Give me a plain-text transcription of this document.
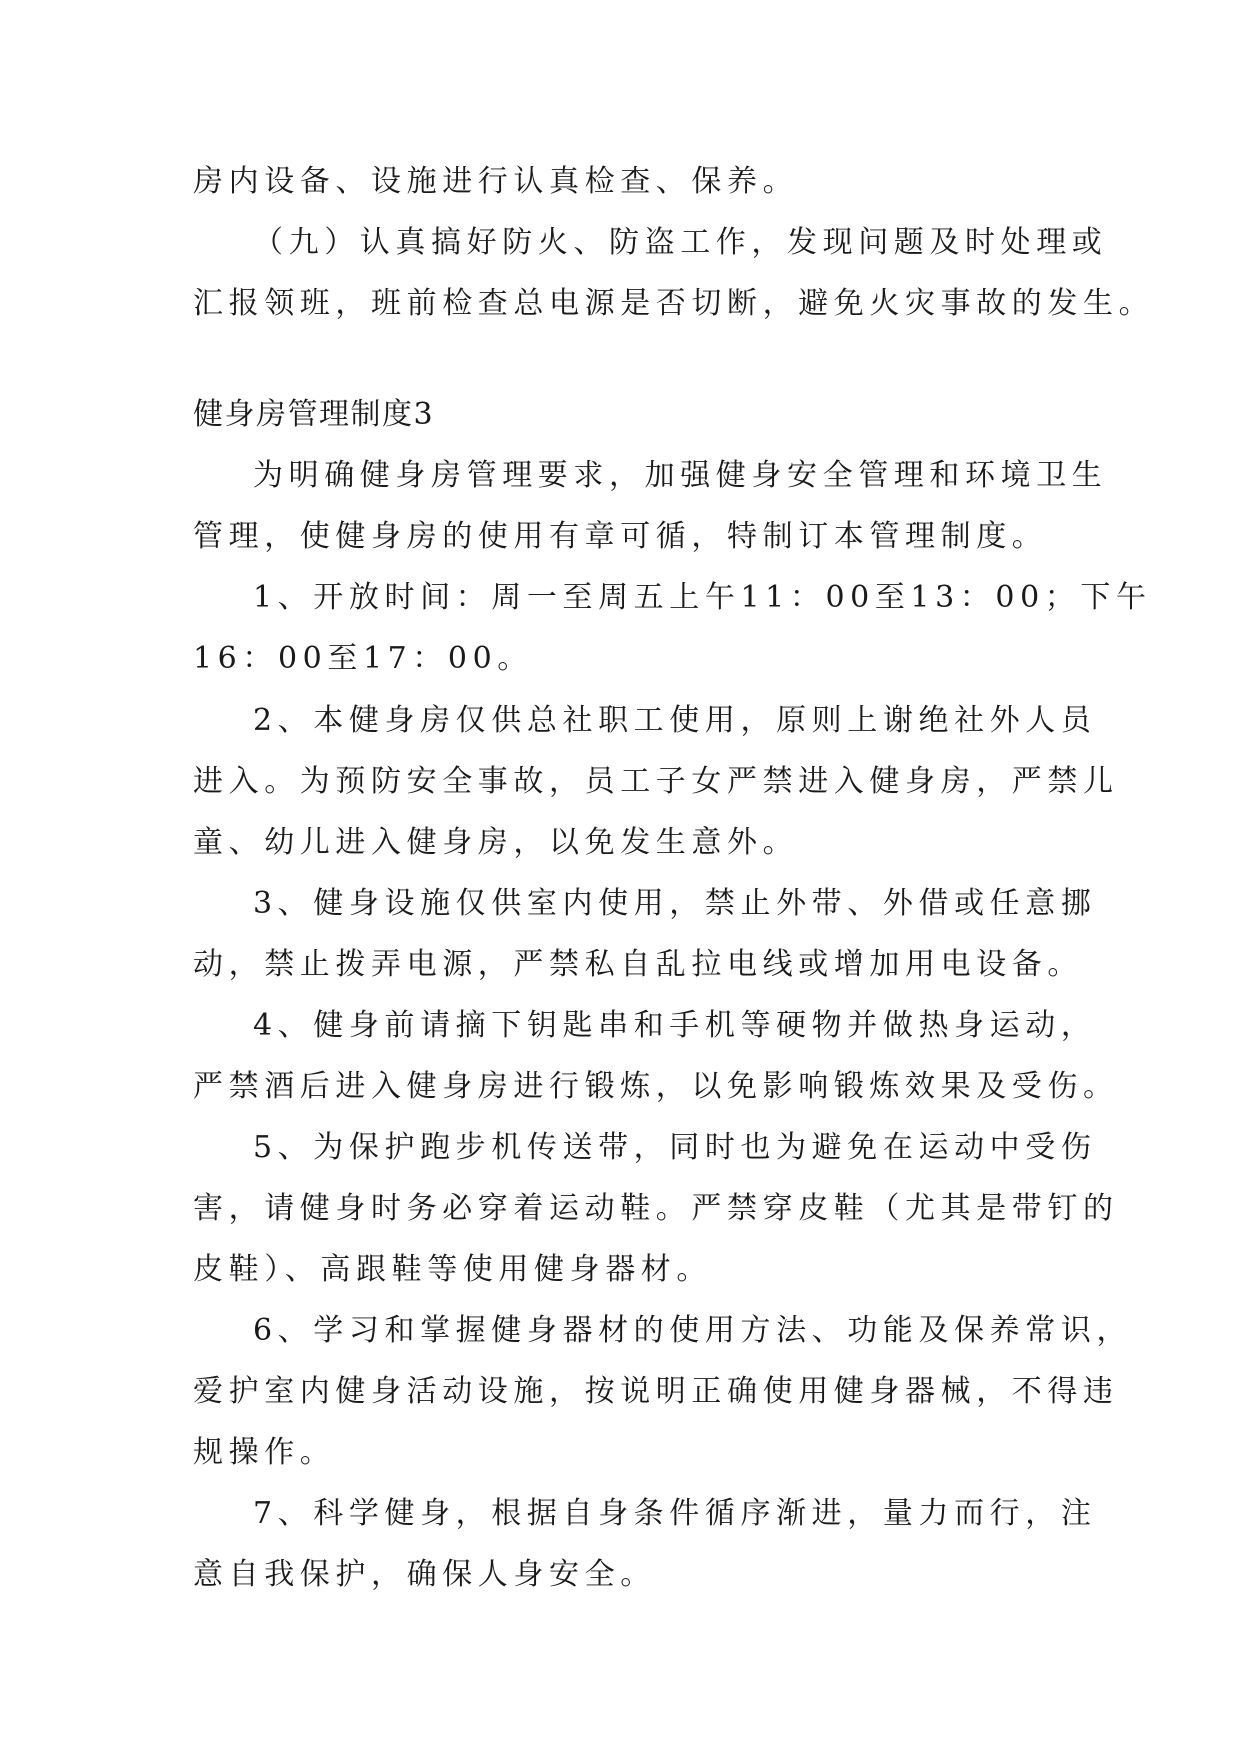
房内设备、设施进行认真检查、保养。
（九）认真搞好防火、防盗工作，发现问题及时处理或
汇报领班，班前检查总电源是否切断，避免火灾事故的发生。
健身房管理制度3
为明确健身房管理要求，加强健身安全管理和环境卫生
管理，使健身房的使用有章可循，特制订本管理制度。
1、开放时间：周一至周五上午11：00至13：00；下午
16：00至17：00。
2、本健身房仅供总社职工使用，原则上谢绝社外人员
进入。为预防安全事故，员工子女严禁进入健身房，严禁儿
童、幼儿进入健身房，以免发生意外。
3、健身设施仅供室内使用，禁止外带、外借或任意挪
动，禁止拨弄电源，严禁私自乱拉电线或增加用电设备。
4、健身前请摘下钥匙串和手机等硬物并做热身运动，
严禁酒后进入健身房进行锻炼，以免影响锻炼效果及受伤。
5、为保护跑步机传送带，同时也为避免在运动中受伤
害，请健身时务必穿着运动鞋。严禁穿皮鞋（尤其是带钉的
皮鞋）、高跟鞋等使用健身器材。
6、学习和掌握健身器材的使用方法、功能及保养常识，
爱护室内健身活动设施，按说明正确使用健身器械，不得违
规操作。
7、科学健身，根据自身条件循序渐进，量力而行，注
意自我保护，确保人身安全。
